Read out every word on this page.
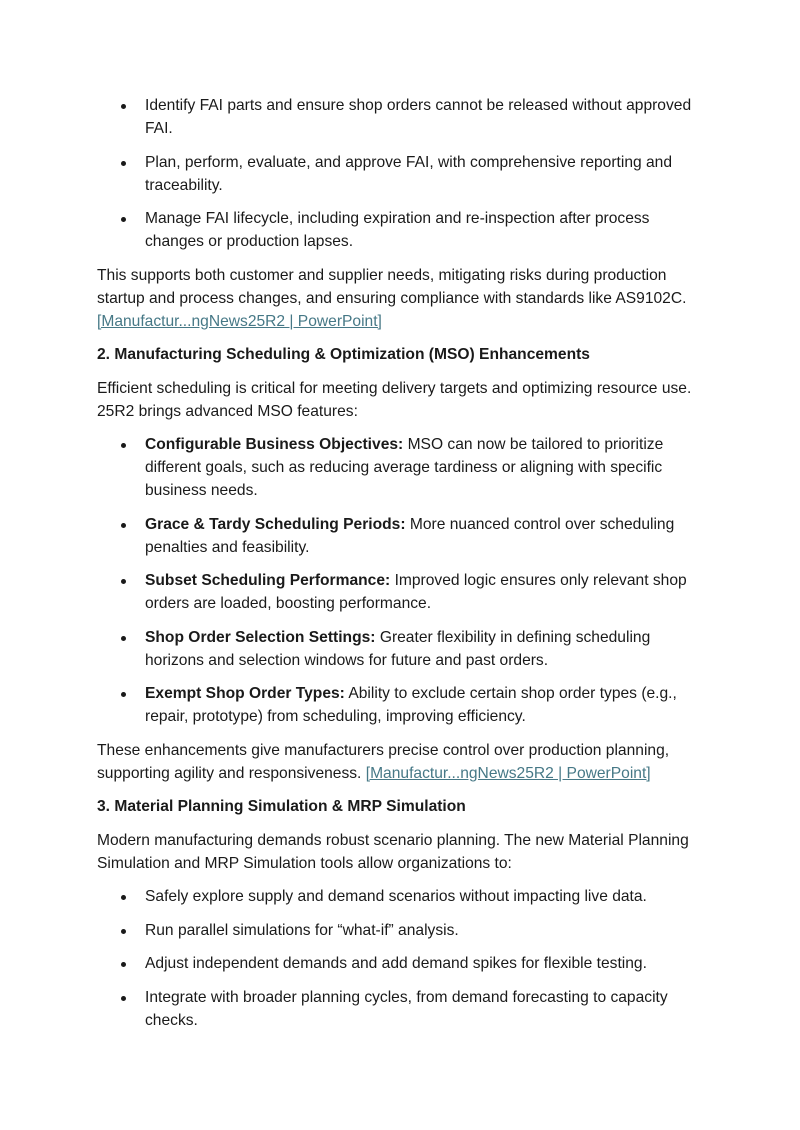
Identify FAI parts and ensure shop orders cannot be released without approved FAI.
Plan, perform, evaluate, and approve FAI, with comprehensive reporting and traceability.
Manage FAI lifecycle, including expiration and re-inspection after process changes or production lapses.

This supports both customer and supplier needs, mitigating risks during production startup and process changes, and ensuring compliance with standards like AS9102C. [Manufactur...ngNews25R2 | PowerPoint]

2. Manufacturing Scheduling & Optimization (MSO) Enhancements

Efficient scheduling is critical for meeting delivery targets and optimizing resource use. 25R2 brings advanced MSO features:

Configurable Business Objectives: MSO can now be tailored to prioritize different goals, such as reducing average tardiness or aligning with specific business needs.
Grace & Tardy Scheduling Periods: More nuanced control over scheduling penalties and feasibility.
Subset Scheduling Performance: Improved logic ensures only relevant shop orders are loaded, boosting performance.
Shop Order Selection Settings: Greater flexibility in defining scheduling horizons and selection windows for future and past orders.
Exempt Shop Order Types: Ability to exclude certain shop order types (e.g., repair, prototype) from scheduling, improving efficiency.

These enhancements give manufacturers precise control over production planning, supporting agility and responsiveness. [Manufactur...ngNews25R2 | PowerPoint]

3. Material Planning Simulation & MRP Simulation

Modern manufacturing demands robust scenario planning. The new Material Planning Simulation and MRP Simulation tools allow organizations to:

Safely explore supply and demand scenarios without impacting live data.
Run parallel simulations for “what-if” analysis.
Adjust independent demands and add demand spikes for flexible testing.
Integrate with broader planning cycles, from demand forecasting to capacity checks.
